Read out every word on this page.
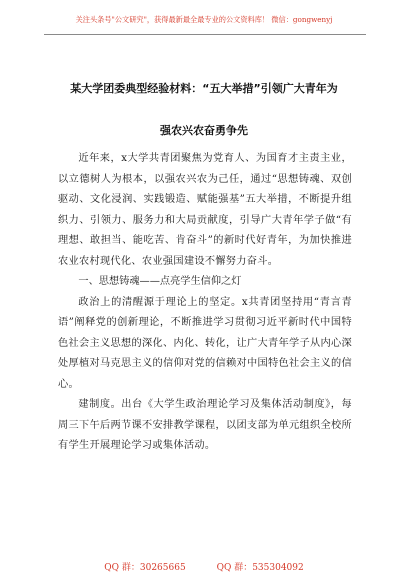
关注头条号"公文研究"，获得最新最全最专业的公文资料库！ 微信：gongwenyj
某大学团委典型经验材料：“五大举措”引领广大青年为
强农兴农奋勇争先

近年来，x大学共青团聚焦为党育人、为国育才主责主业，以立德树人为根本，以强农兴农为己任，通过“思想铸魂、双创驱动、文化浸润、实践锻造、赋能强基”五大举措，不断提升组织力、引领力、服务力和大局贡献度，引导广大青年学子做“有理想、敢担当、能吃苦、肯奋斗”的新时代好青年，为加快推进农业农村现代化、农业强国建设不懈努力奋斗。

一、思想铸魂——点亮学生信仰之灯

政治上的清醒源于理论上的坚定。x共青团坚持用“青言青语”阐释党的创新理论，不断推进学习贯彻习近平新时代中国特色社会主义思想的深化、内化、转化，让广大青年学子从内心深处厚植对马克思主义的信仰对党的信赖对中国特色社会主义的信心。

建制度。出台《大学生政治理论学习及集体活动制度》，每周三下午后两节课不安排教学课程，以团支部为单元组织全校所有学生开展理论学习或集体活动。

QQ 群：30265665	QQ 群：535304092
